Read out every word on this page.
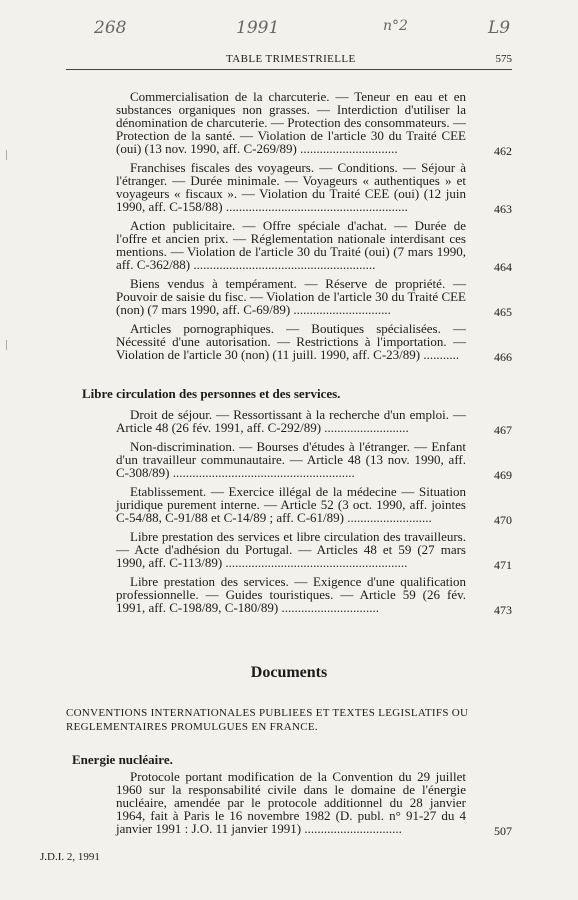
268	1991	n°2	L9
TABLE TRIMESTRIELLE	575

Commercialisation de la charcuterie. — Teneur en eau et en substances organiques non grasses. — Interdiction d'utiliser la dénomination de charcuterie. — Protection des consommateurs. — Protection de la santé. — Violation de l'article 30 du Traité CEE (oui) (13 nov. 1990, aff. C-269/89) ..............................	462

Franchises fiscales des voyageurs. — Conditions. — Séjour à l'étranger. — Durée minimale. — Voyageurs « authentiques » et voyageurs « fiscaux ». — Violation du Traité CEE (oui) (12 juin 1990, aff. C-158/88) ........................................................	463

Action publicitaire. — Offre spéciale d'achat. — Durée de l'offre et ancien prix. — Réglementation nationale interdisant ces mentions. — Violation de l'article 30 du Traité (oui) (7 mars 1990, aff. C-362/88) ........................................................	464

Biens vendus à tempérament. — Réserve de propriété. — Pouvoir de saisie du fisc. — Violation de l'article 30 du Traité CEE (non) (7 mars 1990, aff. C-69/89) ..............................	465

Articles pornographiques. — Boutiques spécialisées. — Nécessité d'une autorisation. — Restrictions à l'importation. — Violation de l'article 30 (non) (11 juill. 1990, aff. C-23/89) ...........	466
Libre circulation des personnes et des services.

Droit de séjour. — Ressortissant à la recherche d'un emploi. — Article 48 (26 fév. 1991, aff. C-292/89) ..........................	467

Non-discrimination. — Bourses d'études à l'étranger. — Enfant d'un travailleur communautaire. — Article 48 (13 nov. 1990, aff. C-308/89) ........................................................	469

Etablissement. — Exercice illégal de la médecine — Situation juridique purement interne. — Article 52 (3 oct. 1990, aff. jointes C-54/88, C-91/88 et C-14/89 ; aff. C-61/89) ..........................	470

Libre prestation des services et libre circulation des travailleurs. — Acte d'adhésion du Portugal. — Articles 48 et 59 (27 mars 1990, aff. C-113/89) ........................................................	471

Libre prestation des services. — Exigence d'une qualification professionnelle. — Guides touristiques. — Article 59 (26 fév. 1991, aff. C-198/89, C-180/89) ..............................	473
Documents

CONVENTIONS INTERNATIONALES PUBLIEES ET TEXTES LEGISLATIFS OU REGLEMENTAIRES PROMULGUES EN FRANCE.

Energie nucléaire.

Protocole portant modification de la Convention du 29 juillet 1960 sur la responsabilité civile dans le domaine de l'énergie nucléaire, amendée par le protocole additionnel du 28 janvier 1964, fait à Paris le 16 novembre 1982 (D. publ. n° 91-27 du 4 janvier 1991 : J.O. 11 janvier 1991) ..............................	507
J.D.I. 2, 1991
